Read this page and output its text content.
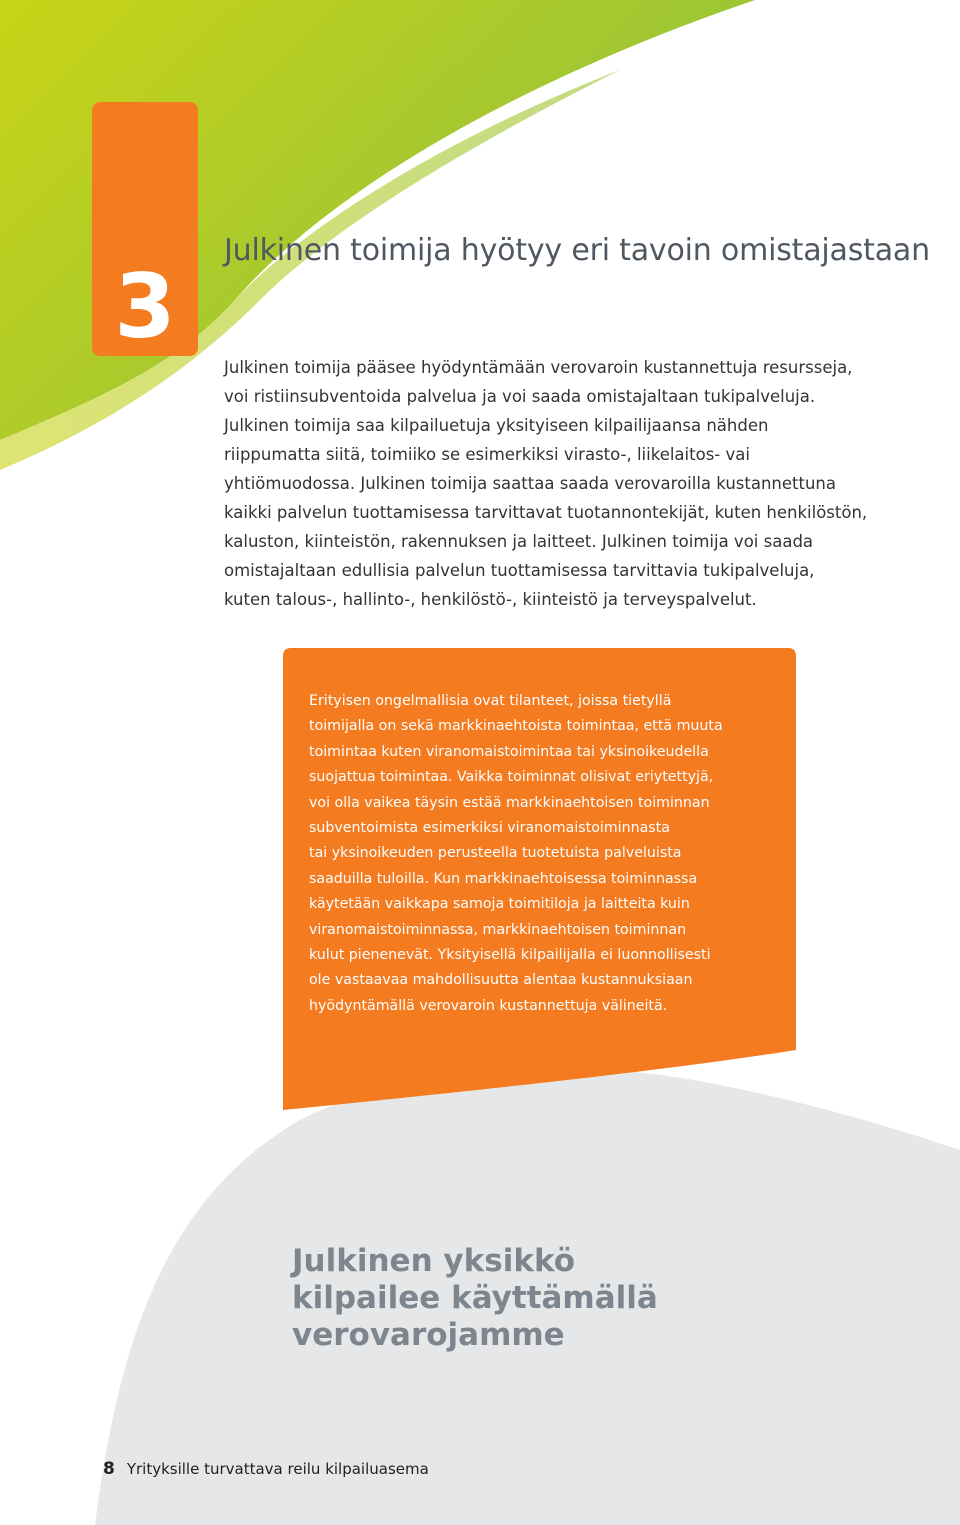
3
Julkinen toimija hyötyy eri tavoin omistajastaan

Julkinen toimija pääsee hyödyntämään verovaroin kustannettuja resursseja,
voi ristiinsubventoida palvelua ja voi saada omistajaltaan tukipalveluja.
Julkinen toimija saa kilpailuetuja yksityiseen kilpailijaansa nähden
riippumatta siitä, toimiiko se esimerkiksi virasto-, liikelaitos- vai
yhtiömuodossa. Julkinen toimija saattaa saada verovaroilla kustannettuna
kaikki palvelun tuottamisessa tarvittavat tuotannontekijät, kuten henkilöstön,
kaluston, kiinteistön, rakennuksen ja laitteet. Julkinen toimija voi saada
omistajaltaan edullisia palvelun tuottamisessa tarvittavia tukipalveluja,
kuten talous-, hallinto-, henkilöstö-, kiinteistö ja terveyspalvelut.

Erityisen ongelmallisia ovat tilanteet, joissa tietyllä
toimijalla on sekä markkinaehtoista toimintaa, että muuta
toimintaa kuten viranomaistoimintaa tai yksinoikeudella
suojattua toimintaa. Vaikka toiminnat olisivat eriytettyjä,
voi olla vaikea täysin estää markkinaehtoisen toiminnan
subventoimista esimerkiksi viranomaistoiminnasta
tai yksinoikeuden perusteella tuotetuista palveluista
saaduilla tuloilla. Kun markkinaehtoisessa toiminnassa
käytetään vaikkapa samoja toimitiloja ja laitteita kuin
viranomaistoiminnassa, markkinaehtoisen toiminnan
kulut pienenevät. Yksityisellä kilpailijalla ei luonnollisesti
ole vastaavaa mahdollisuutta alentaa kustannuksiaan
hyödyntämällä verovaroin kustannettuja välineitä.

Julkinen yksikkö
kilpailee käyttämällä
verovarojamme
8 Yrityksille turvattava reilu kilpailuasema
